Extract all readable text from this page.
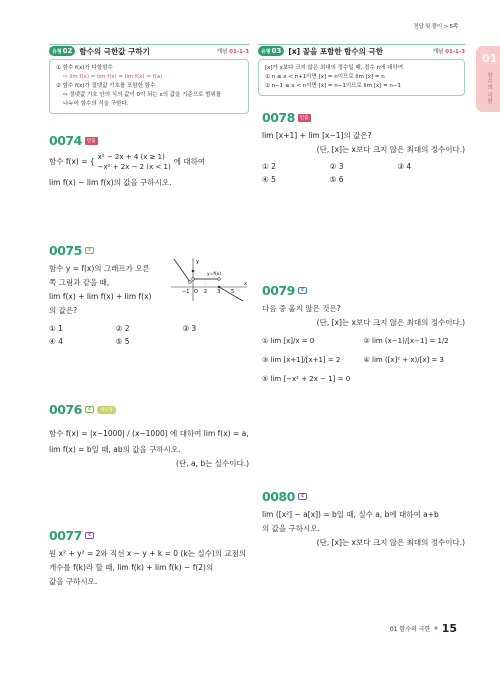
정답 및 풀이 > 5쪽
01
함수의 극한
유형 02 함수의 극한값 구하기	개념 01-1-3
① 함수 f(x)가 다항함수
⇨ lim f(x) = lim f(x) = lim f(x) = f(a)
② 함수 f(x)가 절댓값 기호를 포함한 함수
⇨ 절댓값 기호 안의 식의 값이 0이 되는 x의 값을 기준으로 범위를
나누어 함수의 식을 구한다.
0074	빈출
함수 f(x) = { x² − 2x + 4 (x ≥ 1)
−x² + 2x − 2 (x < 1)
에 대하여
lim f(x) − lim f(x)의 값을 구하시오.
0075	c
함수 y = f(x)의 그래프가 오른
쪽 그림과 같을 때,
lim f(x) + lim f(x) + lim f(x)
의 값은?
y
x
y=f(x)
−1 O 2 3 5
① 1	② 2	③ 3
④ 4	⑤ 5
0076	c	서술형
함수 f(x) = |x−1000| / (x−1000) 에 대하여 lim f(x) = a,
lim f(x) = b일 때, ab의 값을 구하시오.
(단, a, b는 실수이다.)
0077	c
원 x² + y² = 2와 직선 x − y + k = 0 (k는 실수)의 교점의
개수를 f(k)라 할 때, lim f(k) + lim f(k) − f(2)의
값을 구하시오.
유형 03 [x] 꼴을 포함한 함수의 극한	개념 01-1-3
[x]가 x보다 크지 않은 최대의 정수일 때, 정수 n에 대하여
① n ≤ x < n+1이면 [x] = n이므로 lim [x] = n
② n−1 ≤ x < n이면 [x] = n−1이므로 lim [x] = n−1
0078	빈출
lim [x+1] + lim [x−1]의 값은?
(단, [x]는 x보다 크지 않은 최대의 정수이다.)
① 2	② 3	③ 4
④ 5	⑤ 6
0079	c
다음 중 옳지 않은 것은?
(단, [x]는 x보다 크지 않은 최대의 정수이다.)
① lim [x]/x = 0	② lim (x−1)/[x−1] = 1/2
③ lim [x+1]/[x+1] = 2	④ lim ([x]² + x)/[x] = 3
⑤ lim [−x² + 2x − 1] = 0
0080	c
lim ([x²] − a[x]) = b일 때, 실수 a, b에 대하여 a+b
의 값을 구하시오.
(단, [x]는 x보다 크지 않은 최대의 정수이다.)
01 함수의 극한 ★ 15
